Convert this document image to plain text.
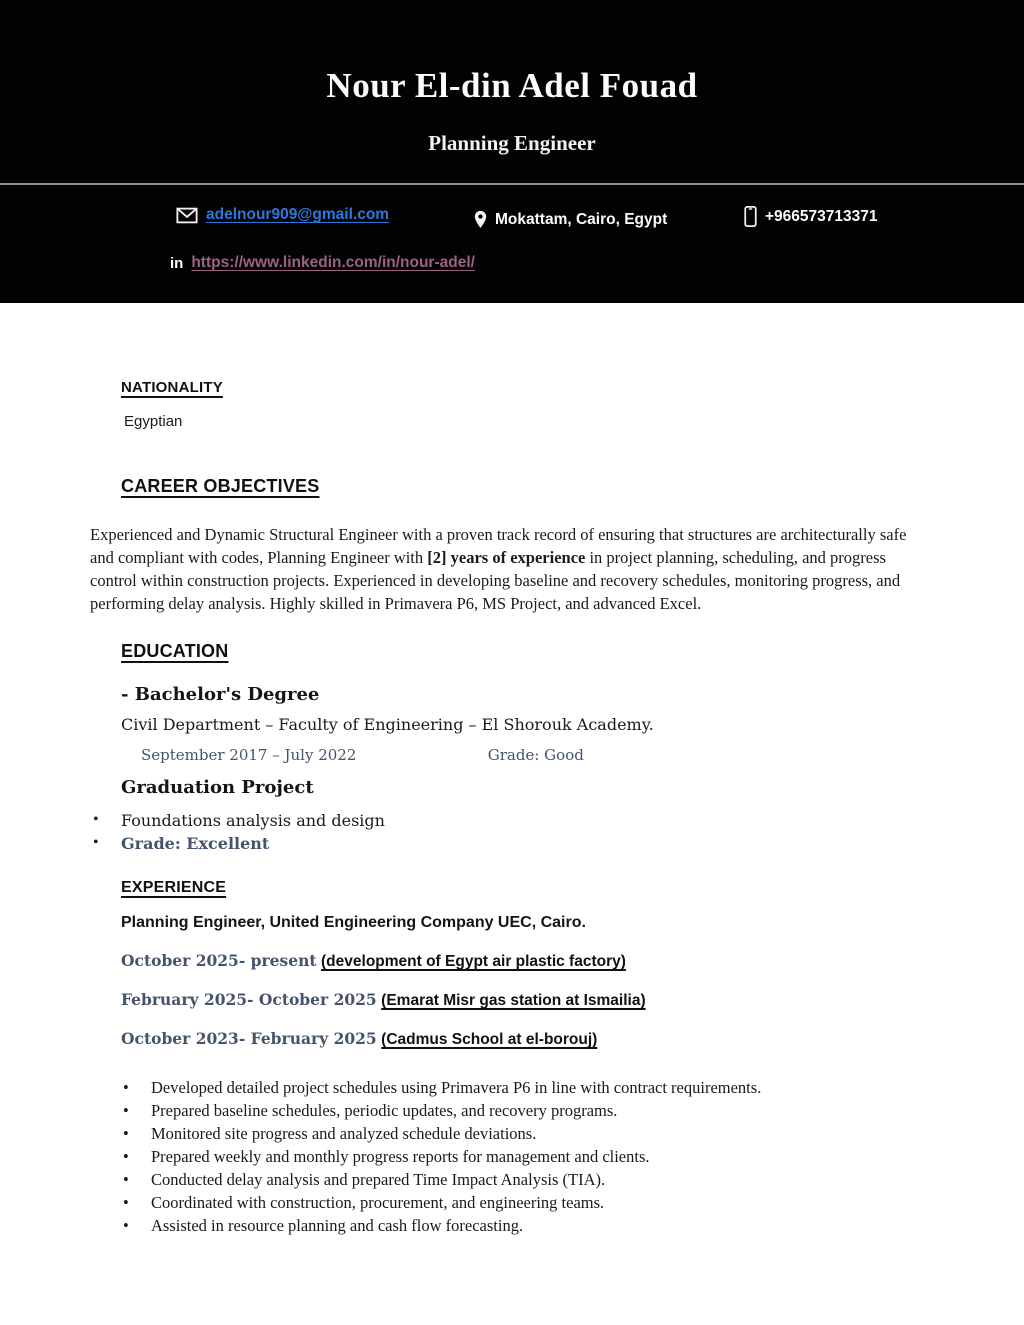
Nour El-din Adel Fouad
Planning Engineer
adelnour909@gmail.com	Mokattam, Cairo, Egypt	+966573713371
in https://www.linkedin.com/in/nour-adel/
NATIONALITY
Egyptian
CAREER OBJECTIVES

Experienced and Dynamic Structural Engineer with a proven track record of ensuring that structures are architecturally safe and compliant with codes, Planning Engineer with [2] years of experience in project planning, scheduling, and progress control within construction projects. Experienced in developing baseline and recovery schedules, monitoring progress, and performing delay analysis. Highly skilled in Primavera P6, MS Project, and advanced Excel.

EDUCATION
- Bachelor's Degree
Civil Department – Faculty of Engineering – El Shorouk Academy.
September 2017 – July 2022	Grade: Good
Graduation Project
• Foundations analysis and design
• Grade: Excellent
EXPERIENCE
Planning Engineer, United Engineering Company UEC, Cairo.
October 2025- present (development of Egypt air plastic factory)
February 2025- October 2025 (Emarat Misr gas station at Ismailia)
October 2023- February 2025 (Cadmus School at el-borouj)
• Developed detailed project schedules using Primavera P6 in line with contract requirements.
• Prepared baseline schedules, periodic updates, and recovery programs.
• Monitored site progress and analyzed schedule deviations.
• Prepared weekly and monthly progress reports for management and clients.
• Conducted delay analysis and prepared Time Impact Analysis (TIA).
• Coordinated with construction, procurement, and engineering teams.
• Assisted in resource planning and cash flow forecasting.
